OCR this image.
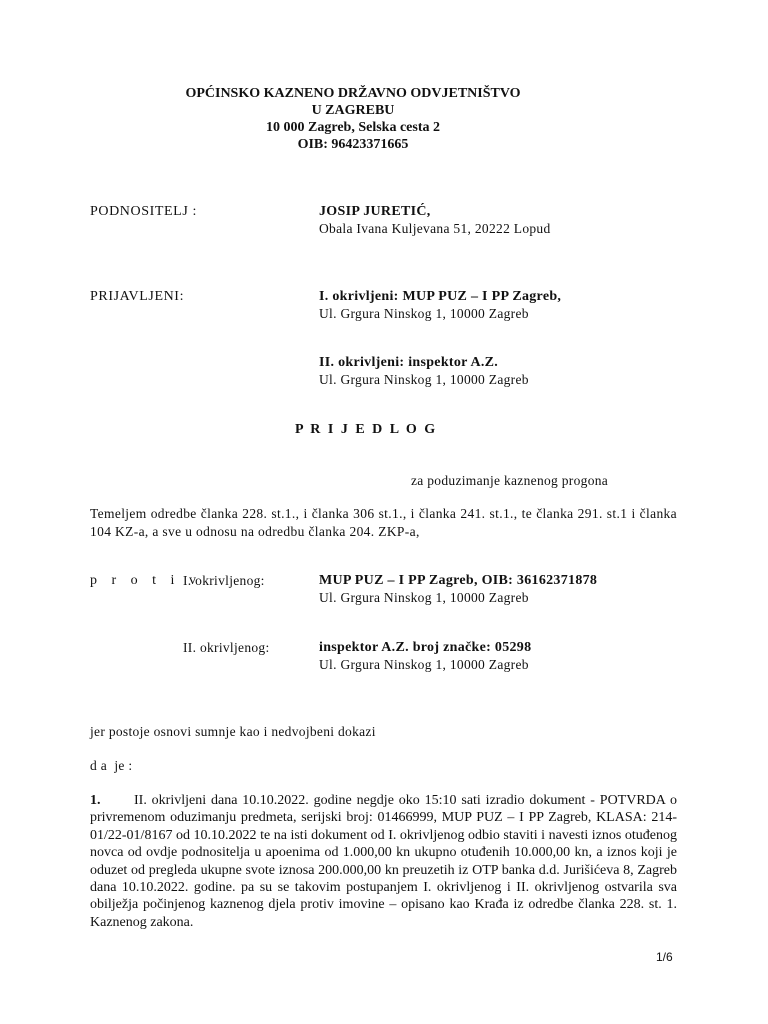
OPĆINSKO KAZNENO DRŽAVNO ODVJETNIŠTVO
U ZAGREBU
10 000 Zagreb, Selska cesta 2
OIB: 96423371665
PODNOSITELJ :	JOSIP JURETIĆ,
Obala Ivana Kuljevana 51, 20222 Lopud
PRIJAVLJENI:	I. okrivljeni: MUP PUZ – I PP Zagreb,
Ul. Grgura Ninskog 1, 10000 Zagreb
II. okrivljeni: inspektor A.Z.
Ul. Grgura Ninskog 1, 10000 Zagreb
P R I J E D L O G
za poduzimanje kaznenog progona
Temeljem odredbe članka 228. st.1., i članka 306 st.1., i članka 241. st.1., te članka 291. st.1 i članka 104 KZ-a, a sve u odnosu na odredbu članka 204. ZKP-a,
p r o t i v
I. okrivljenog:	MUP PUZ – I PP Zagreb, OIB: 36162371878
Ul. Grgura Ninskog 1, 10000 Zagreb
II. okrivljenog:	inspektor A.Z. broj značke: 05298
Ul. Grgura Ninskog 1, 10000 Zagreb
jer postoje osnovi sumnje kao i nedvojbeni dokazi
d a  je :
1. II. okrivljeni dana 10.10.2022. godine negdje oko 15:10 sati izradio dokument - POTVRDA o privremenom oduzimanju predmeta, serijski broj: 01466999, MUP PUZ – I PP Zagreb, KLASA: 214-01/22-01/8167 od 10.10.2022 te na isti dokument od I. okrivljenog odbio staviti i navesti iznos otuđenog novca od ovdje podnositelja u apoenima od 1.000,00 kn ukupno otuđenih 10.000,00 kn, a iznos koji je oduzet od pregleda ukupne svote iznosa 200.000,00 kn preuzetih iz OTP banka d.d. Jurišićeva 8, Zagreb dana 10.10.2022. godine. pa su se takovim postupanjem I. okrivljenog i II. okrivljenog ostvarila sva obilježja počinjenog kaznenog djela protiv imovine – opisano kao Krađa iz odredbe članka 228. st. 1. Kaznenog zakona.
1/6
